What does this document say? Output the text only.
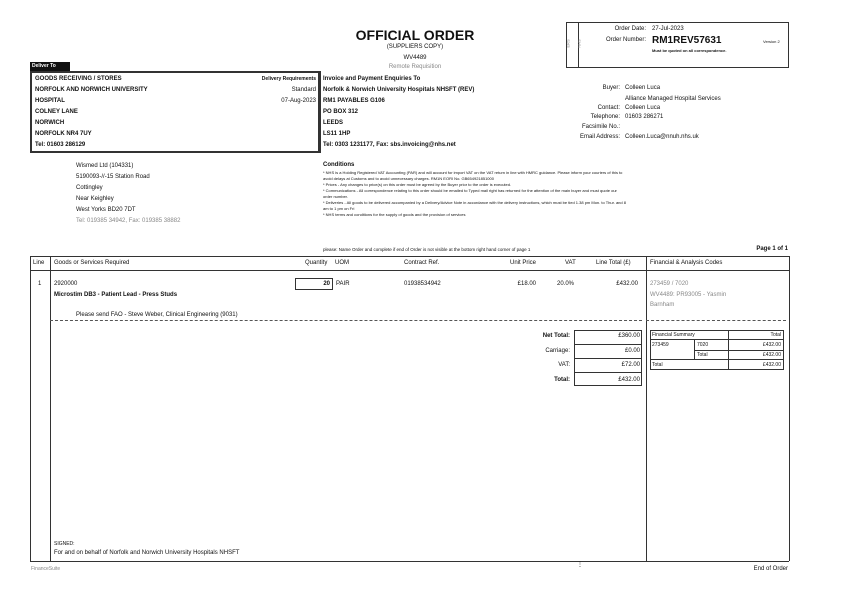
OFFICIAL ORDER
(SUPPLIERS COPY)
WV4489
Remote Requisition
ERS NHS
Order Date: 27-Jul-2023
Order Number: RM1REV57631	Version 2
Must be quoted on all correspondence.
Deliver To
GOODS RECEIVING / STORES
NORFOLK AND NORWICH UNIVERSITY
HOSPITAL
COLNEY LANE
NORWICH
NORFOLK NR4 7UY
Tel: 01603 286129
Delivery Requirements
Standard
07-Aug-2023
Invoice and Payment Enquiries To
Norfolk & Norwich University Hospitals NHSFT (REV)
RM1 PAYABLES G106
PO BOX 312
LEEDS
LS11 1HP
Tel: 0303 1231177, Fax: sbs.invoicing@nhs.net
Buyer: Colleen Luca
Alliance Managed Hospital Services
Contact: Colleen Luca
Telephone: 01603 286271
Facsimile No.:
Email Address: Colleen.Luca@nnuh.nhs.uk
Wismed Ltd (104331)
5190093-//-15 Station Road
Cottingley
Near Keighley
West Yorks BD20 7DT
Tel: 019385 34942, Fax: 019385 38882
Conditions
* NHS is a Holding Registered VAT Accounting (PAR) and will account for import VAT on the VAT return in line with HMRC guidance. Please inform your couriers of this to
avoid delays at Customs and to avoid unnecessary charges. RM1N EORI No. GB654921851000
* Prices - Any changes to price(s) on this order must be agreed by the Buyer prior to the order is executed.
* Communications - All correspondence relating to this order should be emailed to Typed mail right has returned for the attention of the main buyer and must quote our
order number.
* Deliveries - All goods to be delivered accompanied by a Delivery/Advice Note in accordance with the delivery instructions, which must be tied 1.38 pm Mon. to Thur. and 8
am to 1 pm on Fri
* NHS terms and conditions for the supply of goods and the provision of services
please: Name Order and complete if end of Order is not visible at the bottom right hand corner of page 1	Page 1 of 1
Line Goods or Services Required	Quantity UOM	Contract Ref.	Unit Price	VAT	Line Total (£)	Financial & Analysis Codes
1 2920000
Microstim DB3 - Patient Lead - Press Studs
20 PAIR	01938534942	£18.00	20.0%	£432.00 273459 / 7020
WV4489: PR93005 - Yasmin
Barnham
Please send FAO - Steve Weber, Clinical Engineering (9031)
Net Total:	£360.00
Carriage:	£0.00
VAT:	£72.00
Total:	£432.00
Financial Summary	Total
273459	7020	£432.00
Total	£432.00
Total	£432.00
SIGNED:
For and on behalf of Norfolk and Norwich University Hospitals NHSFT
FinanceSuite
⋮
End of Order
